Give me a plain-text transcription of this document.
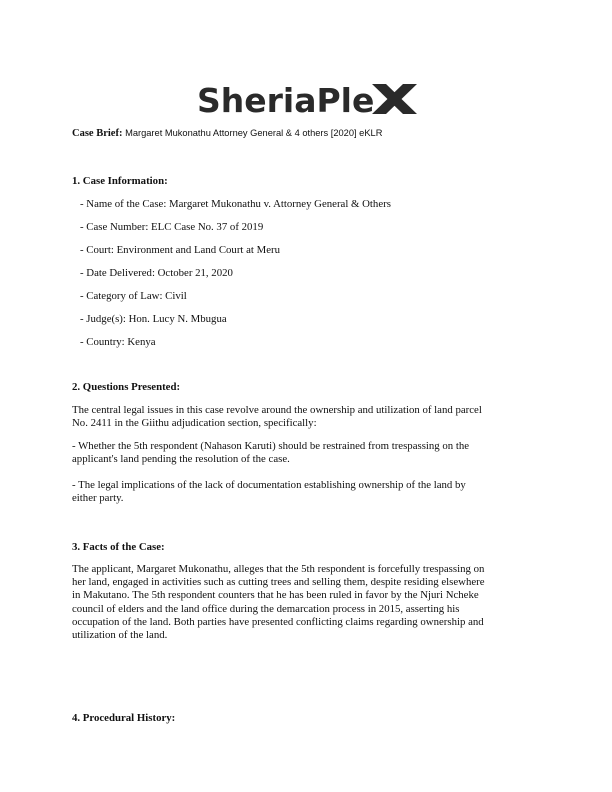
SheriaPle
Case Brief: Margaret Mukonathu Attorney General & 4 others [2020] eKLR
1. Case Information:
- Name of the Case: Margaret Mukonathu v. Attorney General & Others
- Case Number: ELC Case No. 37 of 2019
- Court: Environment and Land Court at Meru
- Date Delivered: October 21, 2020
- Category of Law: Civil
- Judge(s): Hon. Lucy N. Mbugua
- Country: Kenya
2. Questions Presented:
The central legal issues in this case revolve around the ownership and utilization of land parcel
No. 2411 in the Giithu adjudication section, specifically:
- Whether the 5th respondent (Nahason Karuti) should be restrained from trespassing on the
applicant's land pending the resolution of the case.
- The legal implications of the lack of documentation establishing ownership of the land by
either party.
3. Facts of the Case:
The applicant, Margaret Mukonathu, alleges that the 5th respondent is forcefully trespassing on
her land, engaged in activities such as cutting trees and selling them, despite residing elsewhere
in Makutano. The 5th respondent counters that he has been ruled in favor by the Njuri Ncheke
council of elders and the land office during the demarcation process in 2015, asserting his
occupation of the land. Both parties have presented conflicting claims regarding ownership and
utilization of the land.
4. Procedural History:
